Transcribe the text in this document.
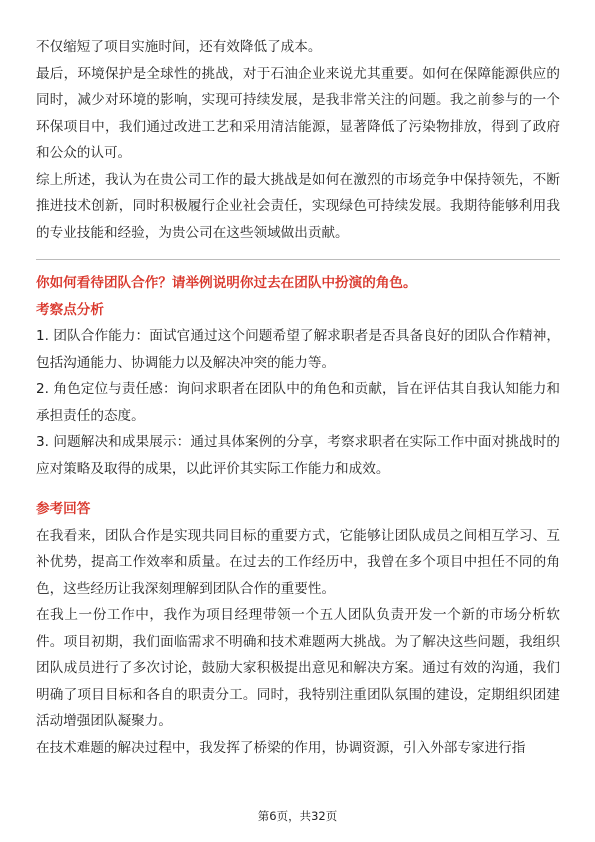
不仅缩短了项目实施时间，还有效降低了成本。

最后，环境保护是全球性的挑战，对于石油企业来说尤其重要。如何在保障能源供应的同时，减少对环境的影响，实现可持续发展，是我非常关注的问题。我之前参与的一个环保项目中，我们通过改进工艺和采用清洁能源，显著降低了污染物排放，得到了政府和公众的认可。

综上所述，我认为在贵公司工作的最大挑战是如何在激烈的市场竞争中保持领先，不断推进技术创新，同时积极履行企业社会责任，实现绿色可持续发展。我期待能够利用我的专业技能和经验，为贵公司在这些领域做出贡献。

你如何看待团队合作？请举例说明你过去在团队中扮演的角色。

考察点分析

1. 团队合作能力：面试官通过这个问题希望了解求职者是否具备良好的团队合作精神，包括沟通能力、协调能力以及解决冲突的能力等。

2. 角色定位与责任感：询问求职者在团队中的角色和贡献，旨在评估其自我认知能力和承担责任的态度。

3. 问题解决和成果展示：通过具体案例的分享，考察求职者在实际工作中面对挑战时的应对策略及取得的成果，以此评价其实际工作能力和成效。

参考回答

在我看来，团队合作是实现共同目标的重要方式，它能够让团队成员之间相互学习、互补优势，提高工作效率和质量。在过去的工作经历中，我曾在多个项目中担任不同的角色，这些经历让我深刻理解到团队合作的重要性。

在我上一份工作中，我作为项目经理带领一个五人团队负责开发一个新的市场分析软件。项目初期，我们面临需求不明确和技术难题两大挑战。为了解决这些问题，我组织团队成员进行了多次讨论，鼓励大家积极提出意见和解决方案。通过有效的沟通，我们明确了项目目标和各自的职责分工。同时，我特别注重团队氛围的建设，定期组织团建活动增强团队凝聚力。

在技术难题的解决过程中，我发挥了桥梁的作用，协调资源，引入外部专家进行指

第6页，共32页
